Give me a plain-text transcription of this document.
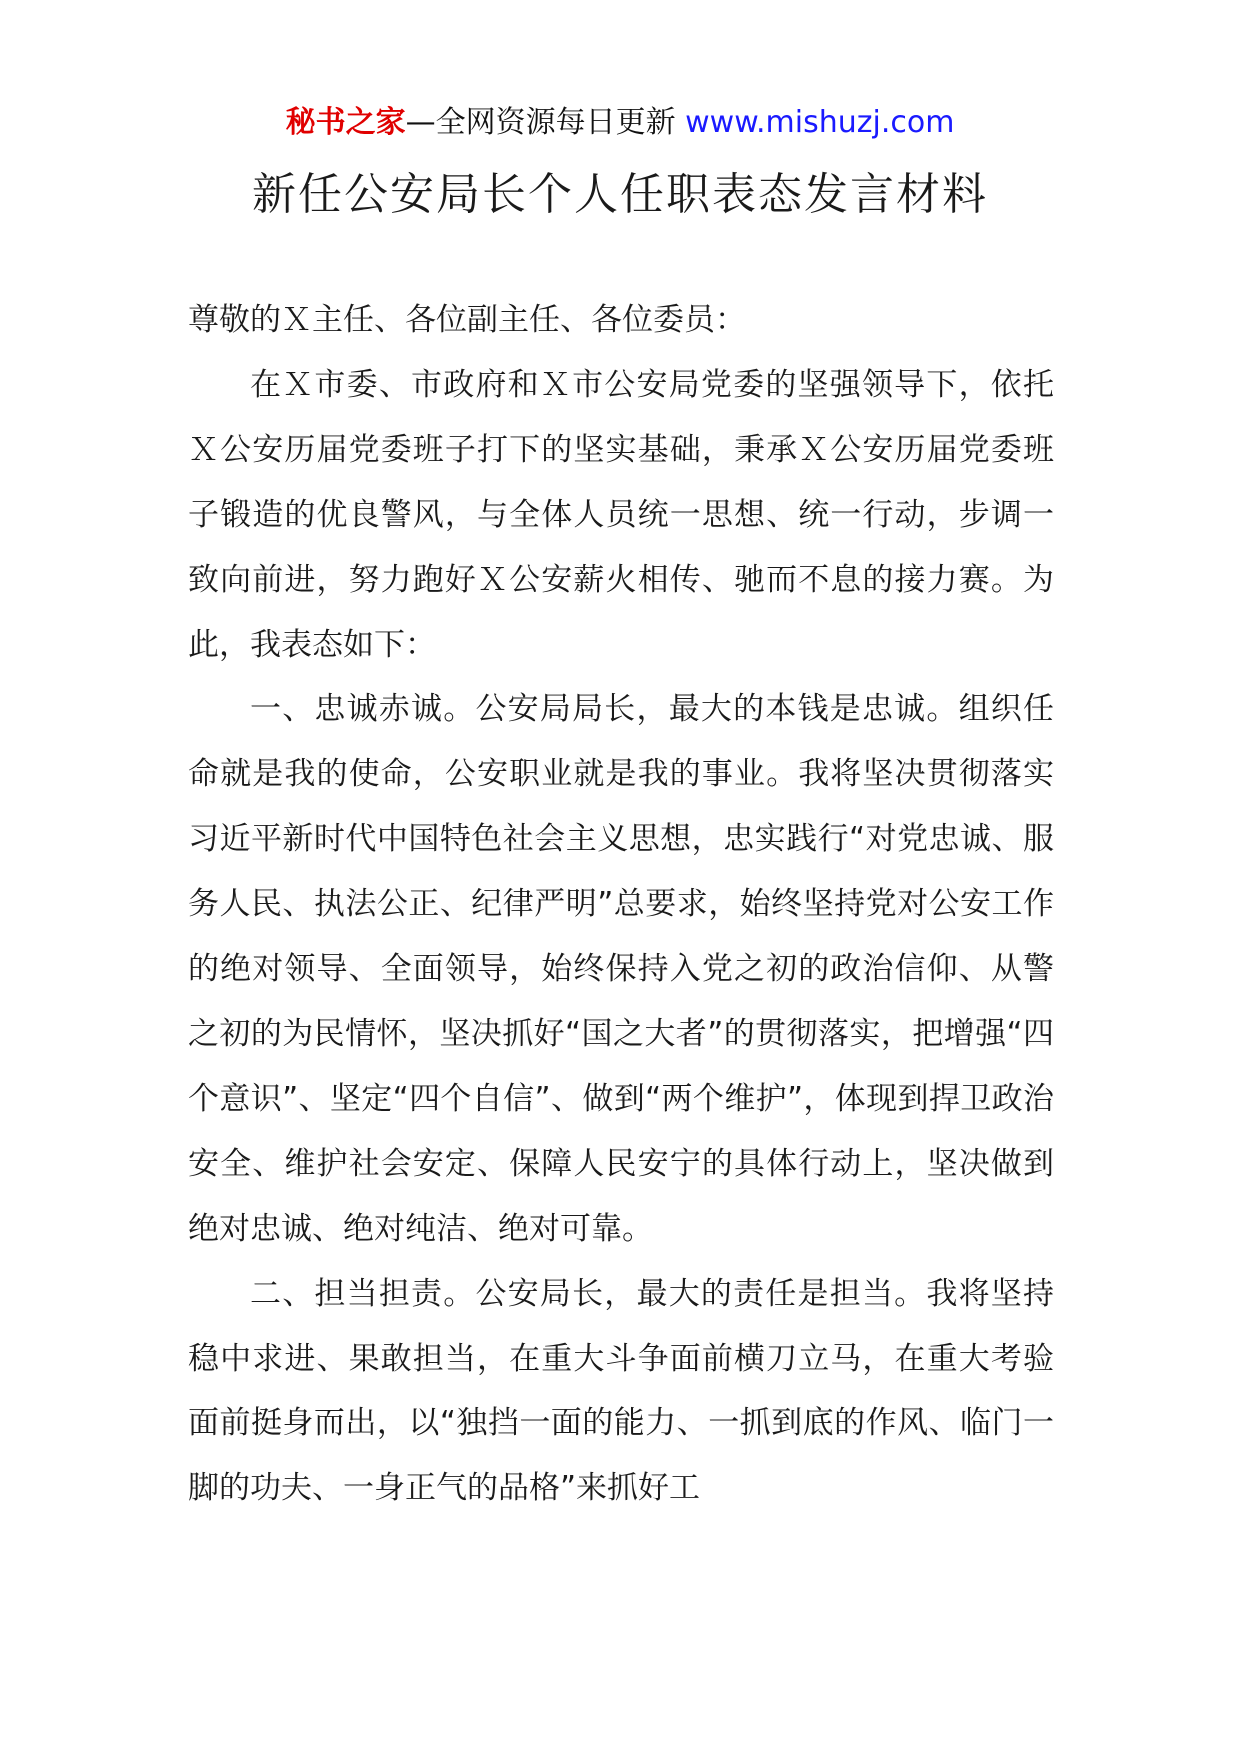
秘书之家—全网资源每日更新 www.mishuzj.com
新任公安局长个人任职表态发言材料

尊敬的Ｘ主任、各位副主任、各位委员：

在Ｘ市委、市政府和Ｘ市公安局党委的坚强领导下，依托Ｘ公安历届党委班子打下的坚实基础，秉承Ｘ公安历届党委班子锻造的优良警风，与全体人员统一思想、统一行动，步调一致向前进，努力跑好Ｘ公安薪火相传、驰而不息的接力赛。为此，我表态如下：

一、忠诚赤诚。公安局局长，最大的本钱是忠诚。组织任命就是我的使命，公安职业就是我的事业。我将坚决贯彻落实习近平新时代中国特色社会主义思想，忠实践行“对党忠诚、服务人民、执法公正、纪律严明”总要求，始终坚持党对公安工作的绝对领导、全面领导，始终保持入党之初的政治信仰、从警之初的为民情怀，坚决抓好“国之大者”的贯彻落实，把增强“四个意识”、坚定“四个自信”、做到“两个维护”，体现到捍卫政治安全、维护社会安定、保障人民安宁的具体行动上，坚决做到绝对忠诚、绝对纯洁、绝对可靠。

二、担当担责。公安局长，最大的责任是担当。我将坚持稳中求进、果敢担当，在重大斗争面前横刀立马，在重大考验面前挺身而出，以“独挡一面的能力、一抓到底的作风、临门一脚的功夫、一身正气的品格”来抓好工
